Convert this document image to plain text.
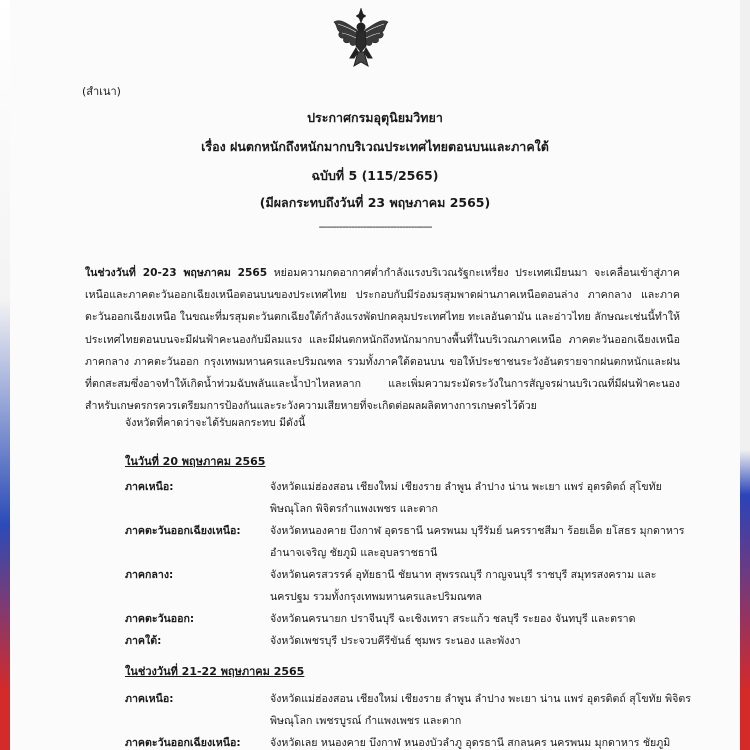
(สำเนา)
ประกาศกรมอุตุนิยมวิทยา
เรื่อง ฝนตกหนักถึงหนักมากบริเวณประเทศไทยตอนบนและภาคใต้
ฉบับที่ 5 (115/2565)
(มีผลกระทบถึงวันที่ 23 พฤษภาคม 2565)
--------------------------------------
ในช่วงวันที่ 20-23 พฤษภาคม 2565 หย่อมความกดอากาศต่ำกำลังแรงบริเวณรัฐกะเหรี่ยง ประเทศเมียนมา จะเคลื่อนเข้าสู่ภาคเหนือและภาคตะวันออกเฉียงเหนือตอนบนของประเทศไทย ประกอบกับมีร่องมรสุมพาดผ่านภาคเหนือตอนล่าง ภาคกลาง และภาคตะวันออกเฉียงเหนือ ในขณะที่มรสุมตะวันตกเฉียงใต้กำลังแรงพัดปกคลุมประเทศไทย ทะเลอันดามัน และอ่าวไทย ลักษณะเช่นนี้ทำให้ประเทศไทยตอนบนจะมีฝนฟ้าคะนองกับมีลมแรง และมีฝนตกหนักถึงหนักมากบางพื้นที่ในบริเวณภาคเหนือ ภาคตะวันออกเฉียงเหนือ ภาคกลาง ภาคตะวันออก กรุงเทพมหานครและปริมณฑล รวมทั้งภาคใต้ตอนบน ขอให้ประชาชนระวังอันตรายจากฝนตกหนักและฝนที่ตกสะสมซึ่งอาจทำให้เกิดน้ำท่วมฉับพลันและน้ำป่าไหลหลาก และเพิ่มความระมัดระวังในการสัญจรผ่านบริเวณที่มีฝนฟ้าคะนอง สำหรับเกษตรกรควรเตรียมการป้องกันและระวังความเสียหายที่จะเกิดต่อผลผลิตทางการเกษตรไว้ด้วย
จังหวัดที่คาดว่าจะได้รับผลกระทบ มีดังนี้
ในวันที่ 20 พฤษภาคม 2565
ภาคเหนือ:	จังหวัดแม่ฮ่องสอน เชียงใหม่ เชียงราย ลำพูน ลำปาง น่าน พะเยา แพร่ อุตรดิตถ์ สุโขทัย พิษณุโลก พิจิตรกำแพงเพชร และตาก
ภาคตะวันออกเฉียงเหนือ:	จังหวัดหนองคาย บึงกาฬ อุดรธานี นครพนม บุรีรัมย์ นครราชสีมา ร้อยเอ็ด ยโสธร มุกดาหาร อำนาจเจริญ ชัยภูมิ และอุบลราชธานี
ภาคกลาง:	จังหวัดนครสวรรค์ อุทัยธานี ชัยนาท สุพรรณบุรี กาญจนบุรี ราชบุรี สมุทรสงคราม และนครปฐม รวมทั้งกรุงเทพมหานครและปริมณฑล
ภาคตะวันออก:	จังหวัดนครนายก ปราจีนบุรี ฉะเชิงเทรา สระแก้ว ชลบุรี ระยอง จันทบุรี และตราด
ภาคใต้:	จังหวัดเพชรบุรี ประจวบคีรีขันธ์ ชุมพร ระนอง และพังงา
ในช่วงวันที่ 21-22 พฤษภาคม 2565
ภาคเหนือ:	จังหวัดแม่ฮ่องสอน เชียงใหม่ เชียงราย ลำพูน ลำปาง พะเยา น่าน แพร่ อุตรดิตถ์ สุโขทัย พิจิตร พิษณุโลก เพชรบูรณ์ กำแพงเพชร และตาก
ภาคตะวันออกเฉียงเหนือ:	จังหวัดเลย หนองคาย บึงกาฬ หนองบัวลำภู อุดรธานี สกลนคร นครพนม มุกดาหาร ชัยภูมิ
